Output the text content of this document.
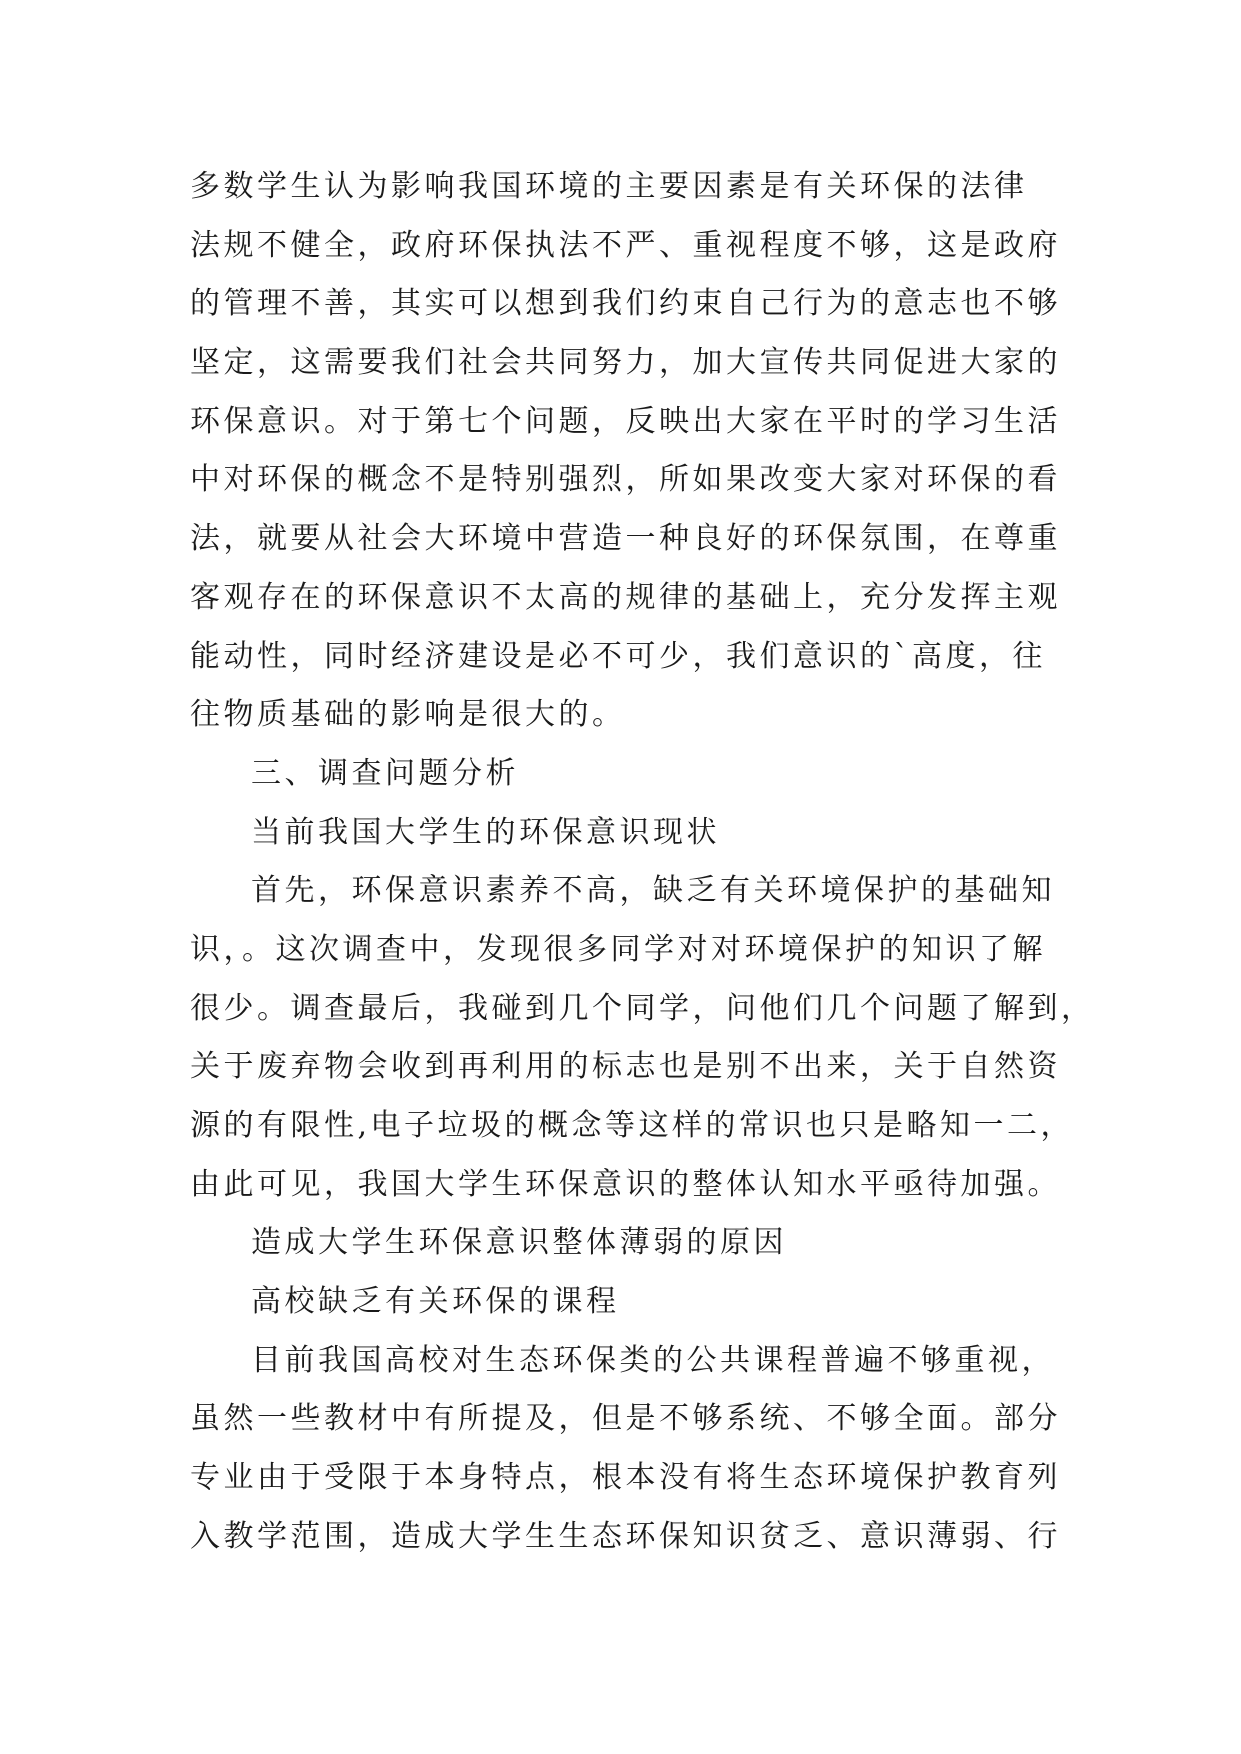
多数学生认为影响我国环境的主要因素是有关环保的法律
法规不健全，政府环保执法不严、重视程度不够，这是政府
的管理不善，其实可以想到我们约束自己行为的意志也不够
坚定，这需要我们社会共同努力，加大宣传共同促进大家的
环保意识。对于第七个问题，反映出大家在平时的学习生活
中对环保的概念不是特别强烈，所如果改变大家对环保的看
法，就要从社会大环境中营造一种良好的环保氛围，在尊重
客观存在的环保意识不太高的规律的基础上，充分发挥主观
能动性，同时经济建设是必不可少，我们意识的`高度，往
往物质基础的影响是很大的。
三、调查问题分析
当前我国大学生的环保意识现状
首先，环保意识素养不高，缺乏有关环境保护的基础知
识，。这次调查中，发现很多同学对对环境保护的知识了解
很少。调查最后，我碰到几个同学，问他们几个问题了解到，
关于废弃物会收到再利用的标志也是别不出来，关于自然资
源的有限性,电子垃圾的概念等这样的常识也只是略知一二，
由此可见，我国大学生环保意识的整体认知水平亟待加强。
造成大学生环保意识整体薄弱的原因
高校缺乏有关环保的课程
目前我国高校对生态环保类的公共课程普遍不够重视，
虽然一些教材中有所提及，但是不够系统、不够全面。部分
专业由于受限于本身特点，根本没有将生态环境保护教育列
入教学范围，造成大学生生态环保知识贫乏、意识薄弱、行
